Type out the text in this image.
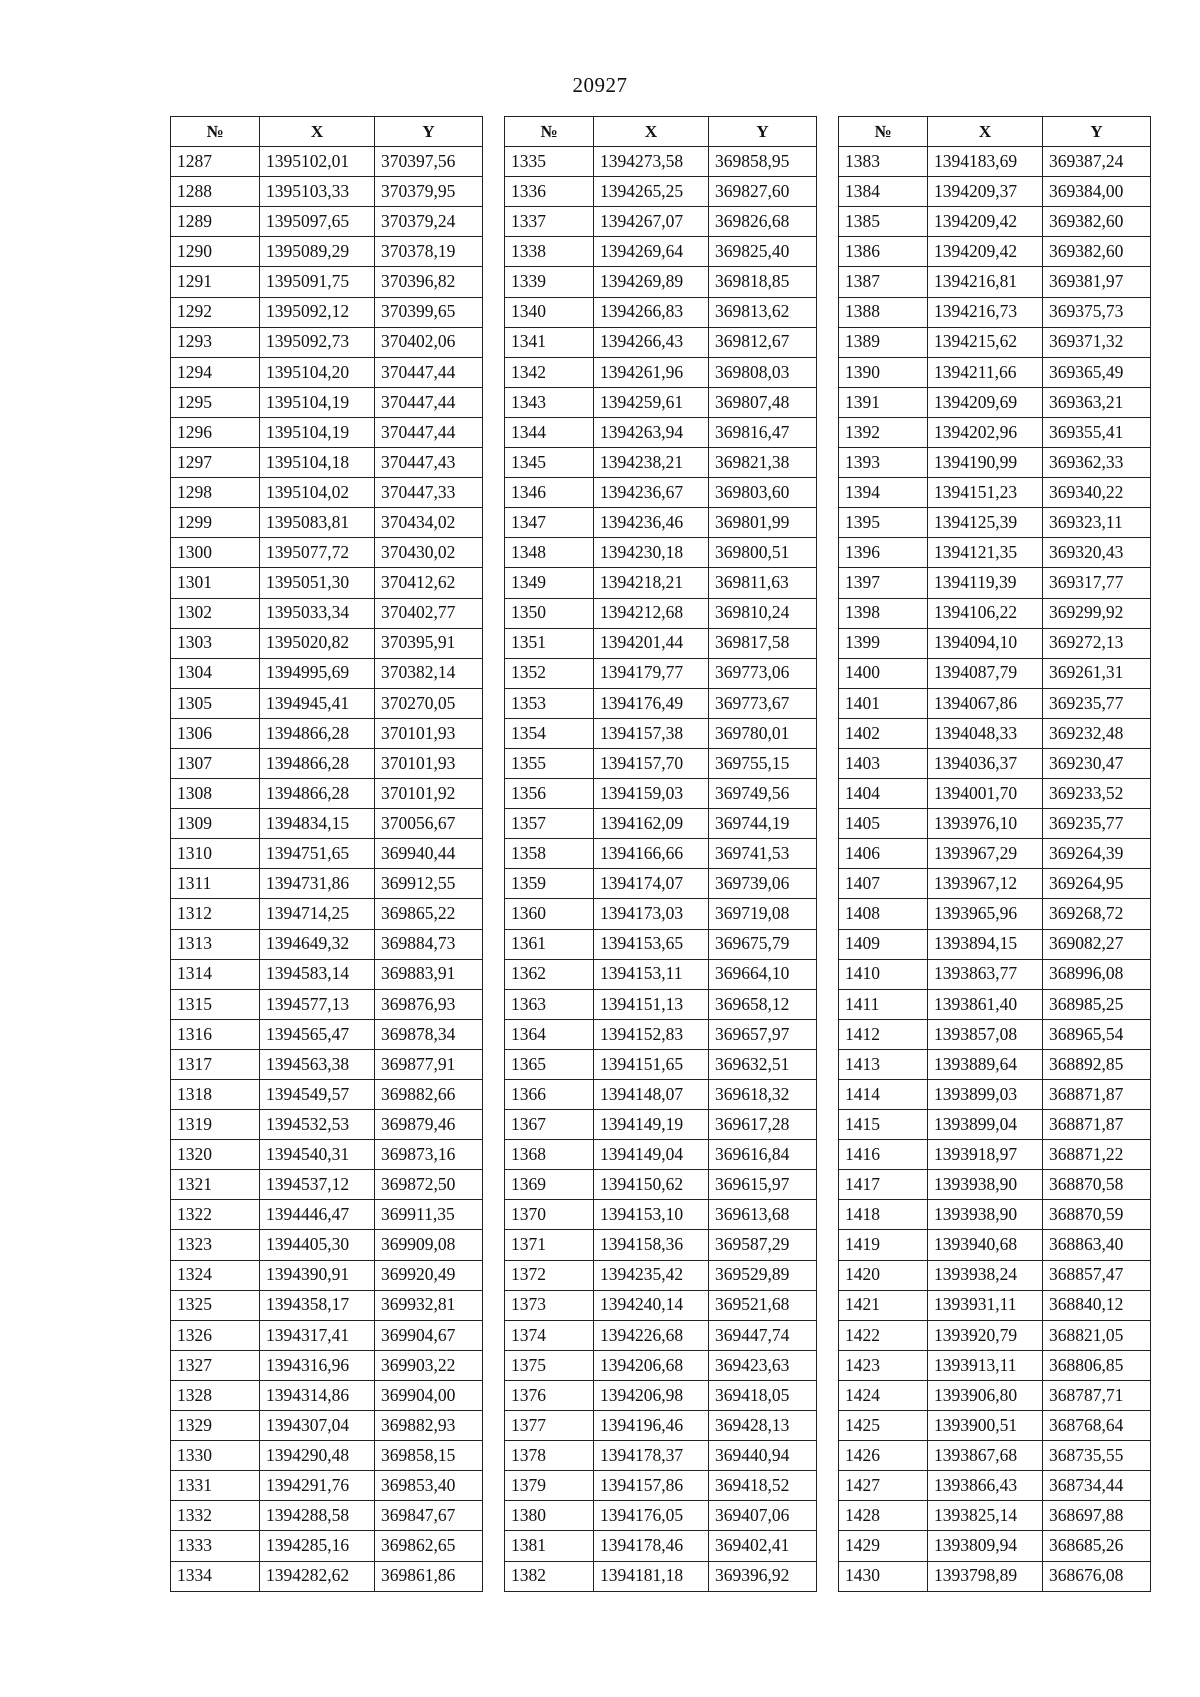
20927
№	X	Y
1287	1395102,01	370397,56
1288	1395103,33	370379,95
1289	1395097,65	370379,24
1290	1395089,29	370378,19
1291	1395091,75	370396,82
1292	1395092,12	370399,65
1293	1395092,73	370402,06
1294	1395104,20	370447,44
1295	1395104,19	370447,44
1296	1395104,19	370447,44
1297	1395104,18	370447,43
1298	1395104,02	370447,33
1299	1395083,81	370434,02
1300	1395077,72	370430,02
1301	1395051,30	370412,62
1302	1395033,34	370402,77
1303	1395020,82	370395,91
1304	1394995,69	370382,14
1305	1394945,41	370270,05
1306	1394866,28	370101,93
1307	1394866,28	370101,93
1308	1394866,28	370101,92
1309	1394834,15	370056,67
1310	1394751,65	369940,44
1311	1394731,86	369912,55
1312	1394714,25	369865,22
1313	1394649,32	369884,73
1314	1394583,14	369883,91
1315	1394577,13	369876,93
1316	1394565,47	369878,34
1317	1394563,38	369877,91
1318	1394549,57	369882,66
1319	1394532,53	369879,46
1320	1394540,31	369873,16
1321	1394537,12	369872,50
1322	1394446,47	369911,35
1323	1394405,30	369909,08
1324	1394390,91	369920,49
1325	1394358,17	369932,81
1326	1394317,41	369904,67
1327	1394316,96	369903,22
1328	1394314,86	369904,00
1329	1394307,04	369882,93
1330	1394290,48	369858,15
1331	1394291,76	369853,40
1332	1394288,58	369847,67
1333	1394285,16	369862,65
1334	1394282,62	369861,86
№	X	Y
1335	1394273,58	369858,95
1336	1394265,25	369827,60
1337	1394267,07	369826,68
1338	1394269,64	369825,40
1339	1394269,89	369818,85
1340	1394266,83	369813,62
1341	1394266,43	369812,67
1342	1394261,96	369808,03
1343	1394259,61	369807,48
1344	1394263,94	369816,47
1345	1394238,21	369821,38
1346	1394236,67	369803,60
1347	1394236,46	369801,99
1348	1394230,18	369800,51
1349	1394218,21	369811,63
1350	1394212,68	369810,24
1351	1394201,44	369817,58
1352	1394179,77	369773,06
1353	1394176,49	369773,67
1354	1394157,38	369780,01
1355	1394157,70	369755,15
1356	1394159,03	369749,56
1357	1394162,09	369744,19
1358	1394166,66	369741,53
1359	1394174,07	369739,06
1360	1394173,03	369719,08
1361	1394153,65	369675,79
1362	1394153,11	369664,10
1363	1394151,13	369658,12
1364	1394152,83	369657,97
1365	1394151,65	369632,51
1366	1394148,07	369618,32
1367	1394149,19	369617,28
1368	1394149,04	369616,84
1369	1394150,62	369615,97
1370	1394153,10	369613,68
1371	1394158,36	369587,29
1372	1394235,42	369529,89
1373	1394240,14	369521,68
1374	1394226,68	369447,74
1375	1394206,68	369423,63
1376	1394206,98	369418,05
1377	1394196,46	369428,13
1378	1394178,37	369440,94
1379	1394157,86	369418,52
1380	1394176,05	369407,06
1381	1394178,46	369402,41
1382	1394181,18	369396,92
№	X	Y
1383	1394183,69	369387,24
1384	1394209,37	369384,00
1385	1394209,42	369382,60
1386	1394209,42	369382,60
1387	1394216,81	369381,97
1388	1394216,73	369375,73
1389	1394215,62	369371,32
1390	1394211,66	369365,49
1391	1394209,69	369363,21
1392	1394202,96	369355,41
1393	1394190,99	369362,33
1394	1394151,23	369340,22
1395	1394125,39	369323,11
1396	1394121,35	369320,43
1397	1394119,39	369317,77
1398	1394106,22	369299,92
1399	1394094,10	369272,13
1400	1394087,79	369261,31
1401	1394067,86	369235,77
1402	1394048,33	369232,48
1403	1394036,37	369230,47
1404	1394001,70	369233,52
1405	1393976,10	369235,77
1406	1393967,29	369264,39
1407	1393967,12	369264,95
1408	1393965,96	369268,72
1409	1393894,15	369082,27
1410	1393863,77	368996,08
1411	1393861,40	368985,25
1412	1393857,08	368965,54
1413	1393889,64	368892,85
1414	1393899,03	368871,87
1415	1393899,04	368871,87
1416	1393918,97	368871,22
1417	1393938,90	368870,58
1418	1393938,90	368870,59
1419	1393940,68	368863,40
1420	1393938,24	368857,47
1421	1393931,11	368840,12
1422	1393920,79	368821,05
1423	1393913,11	368806,85
1424	1393906,80	368787,71
1425	1393900,51	368768,64
1426	1393867,68	368735,55
1427	1393866,43	368734,44
1428	1393825,14	368697,88
1429	1393809,94	368685,26
1430	1393798,89	368676,08
